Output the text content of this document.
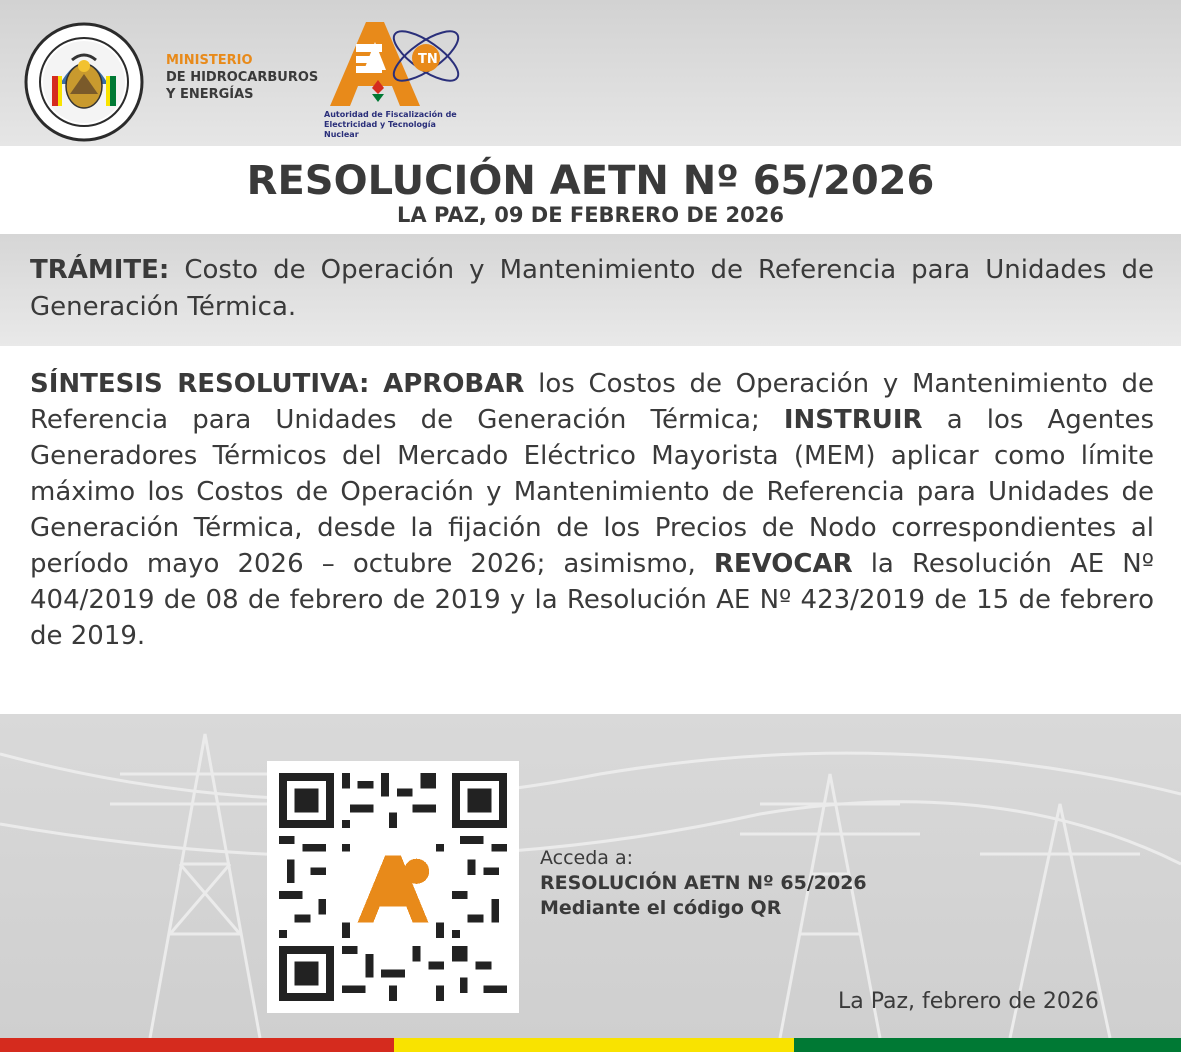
MINISTERIO
DE HIDROCARBUROS
Y ENERGÍAS
TN
Autoridad de Fiscalización de
Electricidad y Tecnología Nuclear
RESOLUCIÓN AETN Nº 65/2026
LA PAZ, 09 DE FEBRERO DE 2026

TRÁMITE: Costo de Operación y Mantenimiento de Referencia para Unidades de Generación Térmica.

SÍNTESIS RESOLUTIVA: APROBAR los Costos de Operación y Mantenimiento de Referencia para Unidades de Generación Térmica; INSTRUIR a los Agentes Generadores Térmicos del Mercado Eléctrico Mayorista (MEM) aplicar como límite máximo los Costos de Operación y Mantenimiento de Referencia para Unidades de Generación Térmica, desde la fijación de los Precios de Nodo correspondientes al período mayo 2026 – octubre 2026; asimismo, REVOCAR la Resolución AE Nº 404/2019 de 08 de febrero de 2019 y la Resolución AE Nº 423/2019 de 15 de febrero de 2019.

Acceda a:
RESOLUCIÓN AETN Nº 65/2026
Mediante el código QR
La Paz, febrero de 2026
